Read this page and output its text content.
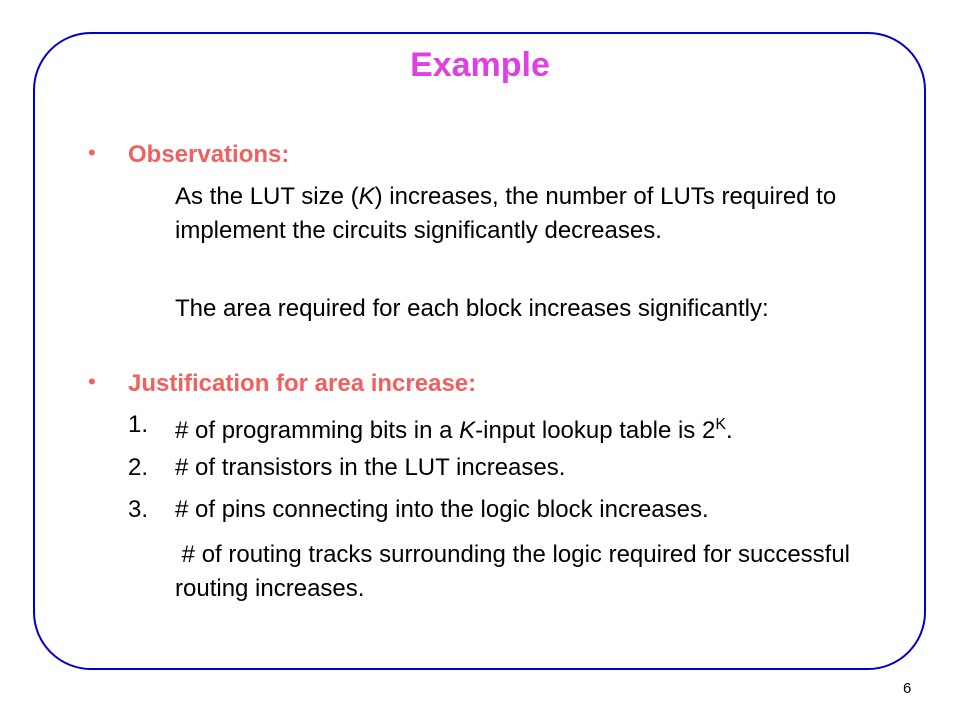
Example
• Observations:
As the LUT size (K) increases, the number of LUTs required to implement the circuits significantly decreases.
The area required for each block increases significantly:
• Justification for area increase:
1. # of programming bits in a K-input lookup table is $2^K$.
2. # of transistors in the LUT increases.
3. # of pins connecting into the logic block increases.
# of routing tracks surrounding the logic required for successful routing increases.
6
